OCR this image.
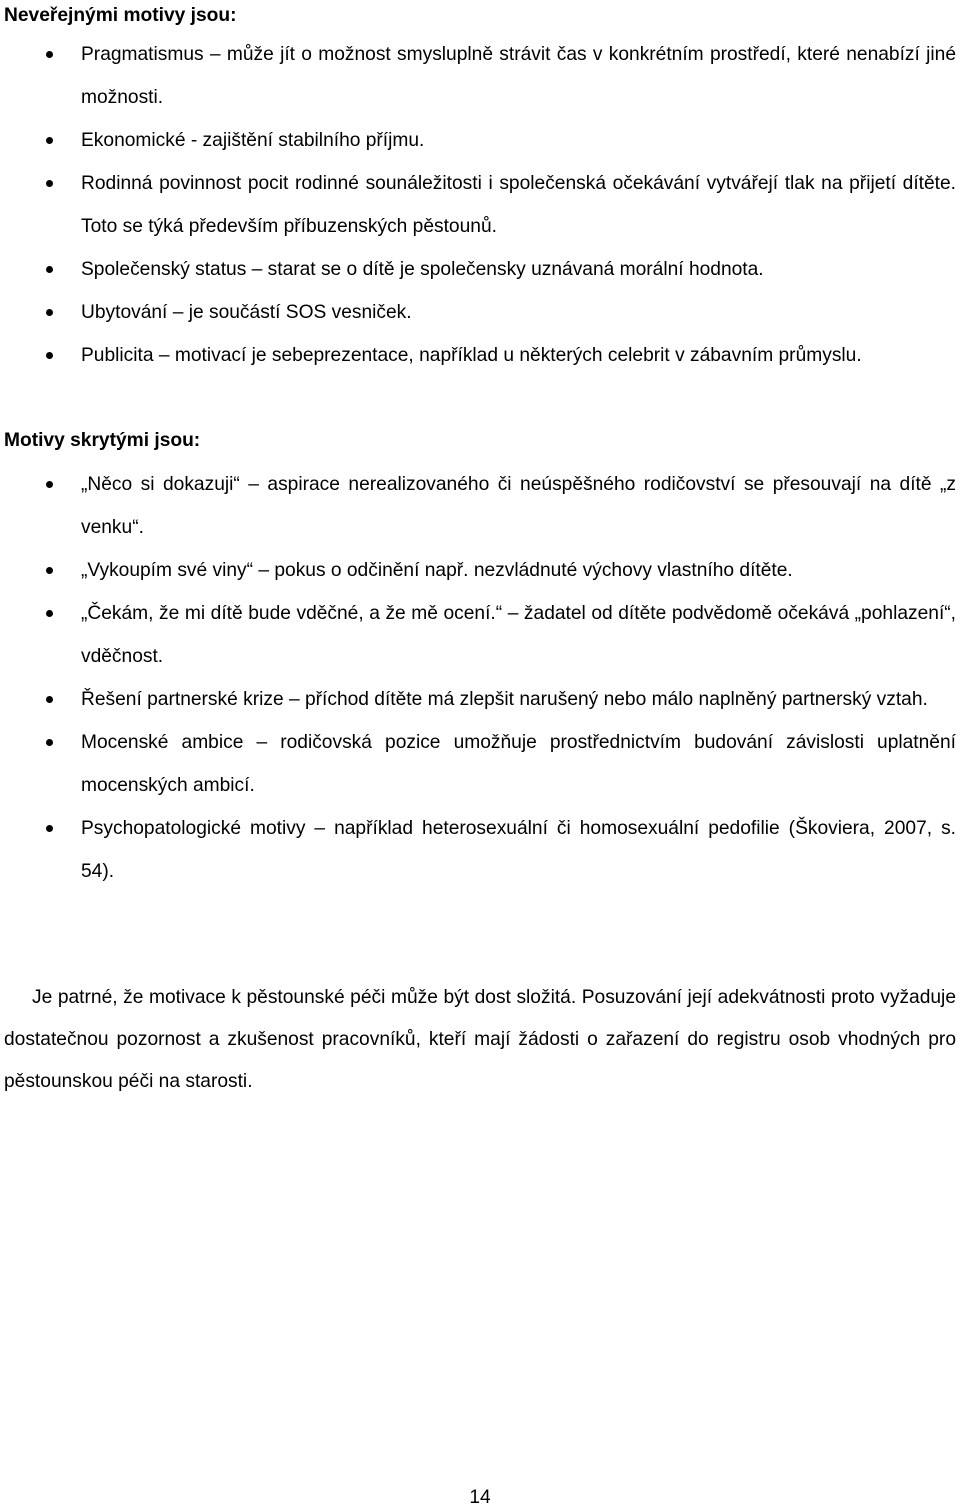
Neveřejnými motivy jsou:
Pragmatismus – může jít o možnost smysluplně strávit čas v konkrétním prostředí, které nenabízí jiné možnosti.
Ekonomické - zajištění stabilního příjmu.
Rodinná povinnost pocit rodinné sounáležitosti i společenská očekávání vytvářejí tlak na přijetí dítěte. Toto se týká především příbuzenských pěstounů.
Společenský status – starat se o dítě je společensky uznávaná morální hodnota.
Ubytování – je součástí SOS vesniček.
Publicita – motivací je sebeprezentace, například u některých celebrit v zábavním průmyslu.
Motivy skrytými jsou:
„Něco si dokazuji“ – aspirace nerealizovaného či neúspěšného rodičovství se přesouvají na dítě „z venku“.
„Vykoupím své viny“ – pokus o odčinění např. nezvládnuté výchovy vlastního dítěte.
„Čekám, že mi dítě bude vděčné, a že mě ocení.“ – žadatel od dítěte podvědomě očekává „pohlazení“, vděčnost.
Řešení partnerské krize – příchod dítěte má zlepšit narušený nebo málo naplněný partnerský vztah.
Mocenské ambice – rodičovská pozice umožňuje prostřednictvím budování závislosti uplatnění mocenských ambicí.
Psychopatologické motivy – například heterosexuální či homosexuální pedofilie (Škoviera, 2007, s. 54).

Je patrné, že motivace k pěstounské péči může být dost složitá. Posuzování její adekvátnosti proto vyžaduje dostatečnou pozornost a zkušenost pracovníků, kteří mají žádosti o zařazení do registru osob vhodných pro pěstounskou péči na starosti.

14
